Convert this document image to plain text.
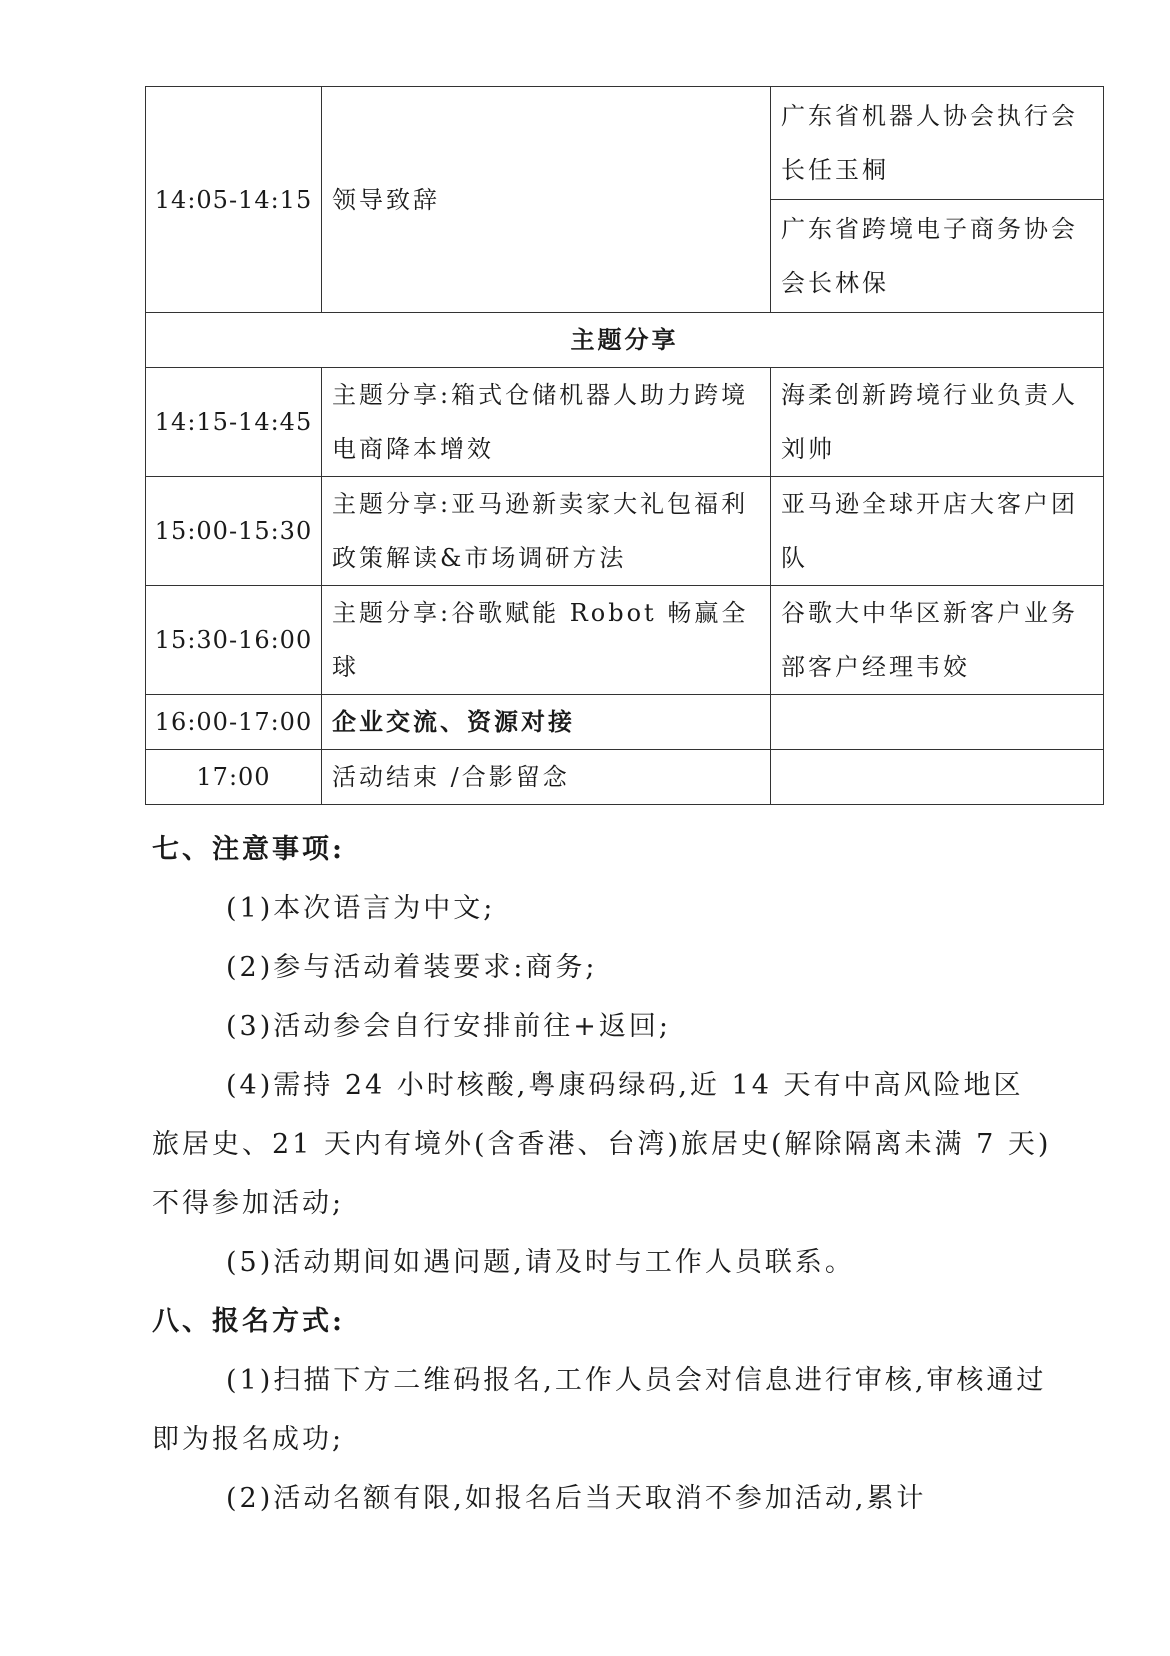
14:05-14:15	领导致辞	广东省机器人协会执行会长任玉桐
		广东省跨境电子商务协会会长林保
主题分享		
14:15-14:45	主题分享:箱式仓储机器人助力跨境电商降本增效	海柔创新跨境行业负责人刘帅
15:00-15:30	主题分享:亚马逊新卖家大礼包福利政策解读&市场调研方法	亚马逊全球开店大客户团队
15:30-16:00	主题分享:谷歌赋能 Robot 畅赢全球	谷歌大中华区新客户业务部客户经理韦姣
16:00-17:00	企业交流、资源对接	
17:00	活动结束 /合影留念	

七、注意事项:

(1)本次语言为中文;

(2)参与活动着装要求:商务;

(3)活动参会自行安排前往+返回;

(4)需持 24 小时核酸,粤康码绿码,近 14 天有中高风险地区旅居史、21 天内有境外(含香港、台湾)旅居史(解除隔离未满 7 天)不得参加活动;

(5)活动期间如遇问题,请及时与工作人员联系。

八、报名方式:

(1)扫描下方二维码报名,工作人员会对信息进行审核,审核通过即为报名成功;

(2)活动名额有限,如报名后当天取消不参加活动,累计
